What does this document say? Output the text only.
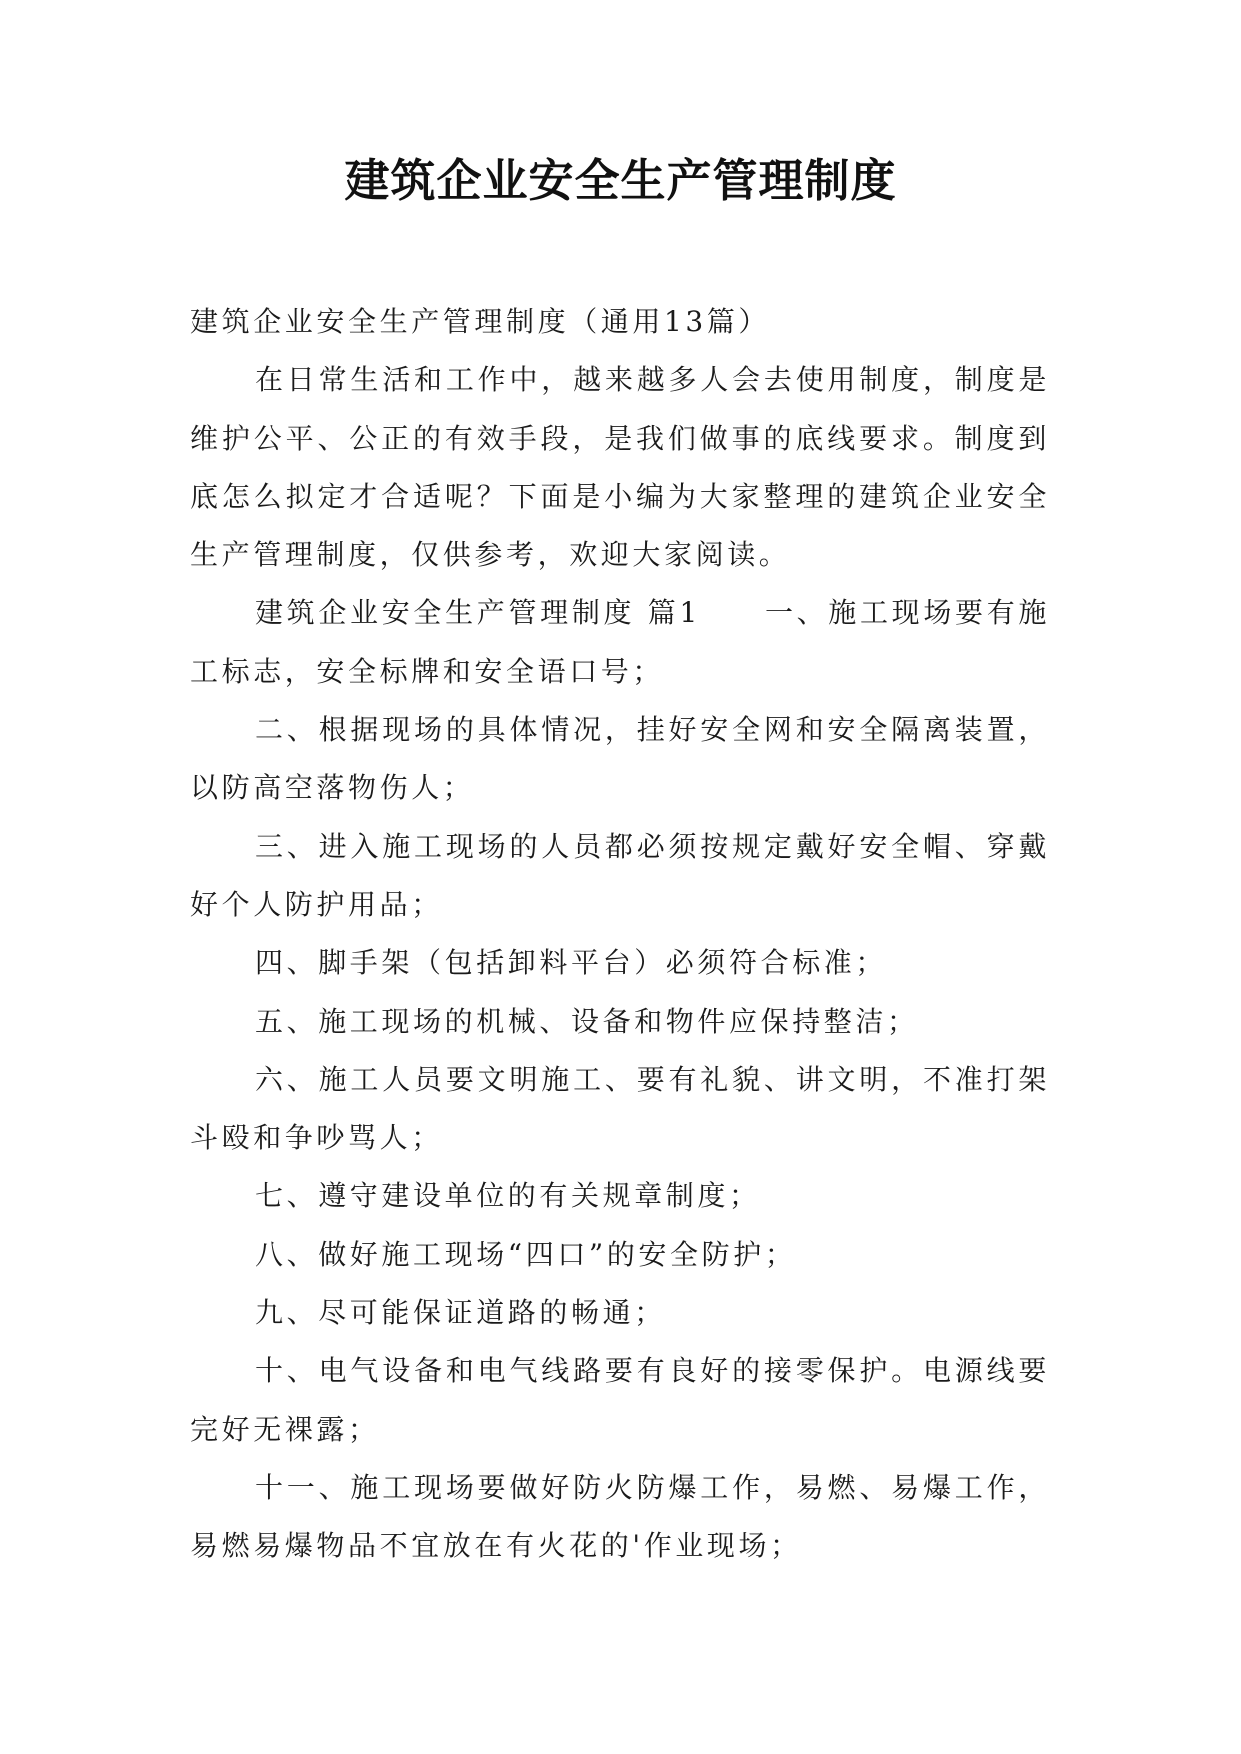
建筑企业安全生产管理制度

建筑企业安全生产管理制度（通用13篇）

在日常生活和工作中，越来越多人会去使用制度，制度是维护公平、公正的有效手段，是我们做事的底线要求。制度到底怎么拟定才合适呢？下面是小编为大家整理的建筑企业安全生产管理制度，仅供参考，欢迎大家阅读。

建筑企业安全生产管理制度 篇1 一、施工现场要有施工标志，安全标牌和安全语口号；

二、根据现场的具体情况，挂好安全网和安全隔离装置，以防高空落物伤人；

三、进入施工现场的人员都必须按规定戴好安全帽、穿戴好个人防护用品；

四、脚手架（包括卸料平台）必须符合标准；

五、施工现场的机械、设备和物件应保持整洁；

六、施工人员要文明施工、要有礼貌、讲文明，不准打架斗殴和争吵骂人；

七、遵守建设单位的有关规章制度；

八、做好施工现场“四口”的安全防护；

九、尽可能保证道路的畅通；

十、电气设备和电气线路要有良好的接零保护。电源线要完好无裸露；

十一、施工现场要做好防火防爆工作，易燃、易爆工作，易燃易爆物品不宜放在有火花的'作业现场；
